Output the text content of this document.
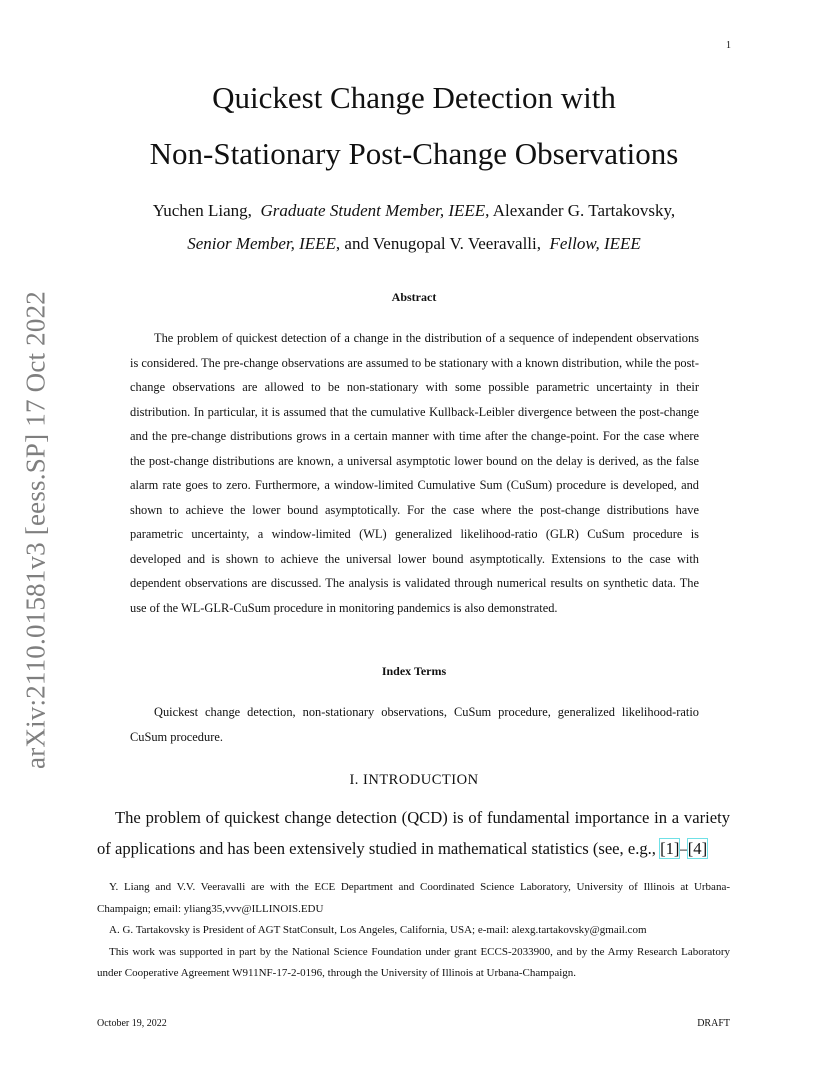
1
arXiv:2110.01581v3 [eess.SP] 17 Oct 2022
Quickest Change Detection with
Non-Stationary Post-Change Observations
Yuchen Liang, Graduate Student Member, IEEE, Alexander G. Tartakovsky,
Senior Member, IEEE, and Venugopal V. Veeravalli, Fellow, IEEE
Abstract

The problem of quickest detection of a change in the distribution of a sequence of independent observations is considered. The pre-change observations are assumed to be stationary with a known distribution, while the post-change observations are allowed to be non-stationary with some possible parametric uncertainty in their distribution. In particular, it is assumed that the cumulative Kullback-Leibler divergence between the post-change and the pre-change distributions grows in a certain manner with time after the change-point. For the case where the post-change distributions are known, a universal asymptotic lower bound on the delay is derived, as the false alarm rate goes to zero. Furthermore, a window-limited Cumulative Sum (CuSum) procedure is developed, and shown to achieve the lower bound asymptotically. For the case where the post-change distributions have parametric uncertainty, a window-limited (WL) generalized likelihood-ratio (GLR) CuSum procedure is developed and is shown to achieve the universal lower bound asymptotically. Extensions to the case with dependent observations are discussed. The analysis is validated through numerical results on synthetic data. The use of the WL-GLR-CuSum procedure in monitoring pandemics is also demonstrated.

Index Terms

Quickest change detection, non-stationary observations, CuSum procedure, generalized likelihood-ratio CuSum procedure.

I. INTRODUCTION

The problem of quickest change detection (QCD) is of fundamental importance in a variety of applications and has been extensively studied in mathematical statistics (see, e.g., [1]–[4]

Y. Liang and V.V. Veeravalli are with the ECE Department and Coordinated Science Laboratory, University of Illinois at Urbana-Champaign; email: yliang35,vvv@ILLINOIS.EDU

A. G. Tartakovsky is President of AGT StatConsult, Los Angeles, California, USA; e-mail: alexg.tartakovsky@gmail.com

This work was supported in part by the National Science Foundation under grant ECCS-2033900, and by the Army Research Laboratory under Cooperative Agreement W911NF-17-2-0196, through the University of Illinois at Urbana-Champaign.

October 19, 2022	DRAFT
